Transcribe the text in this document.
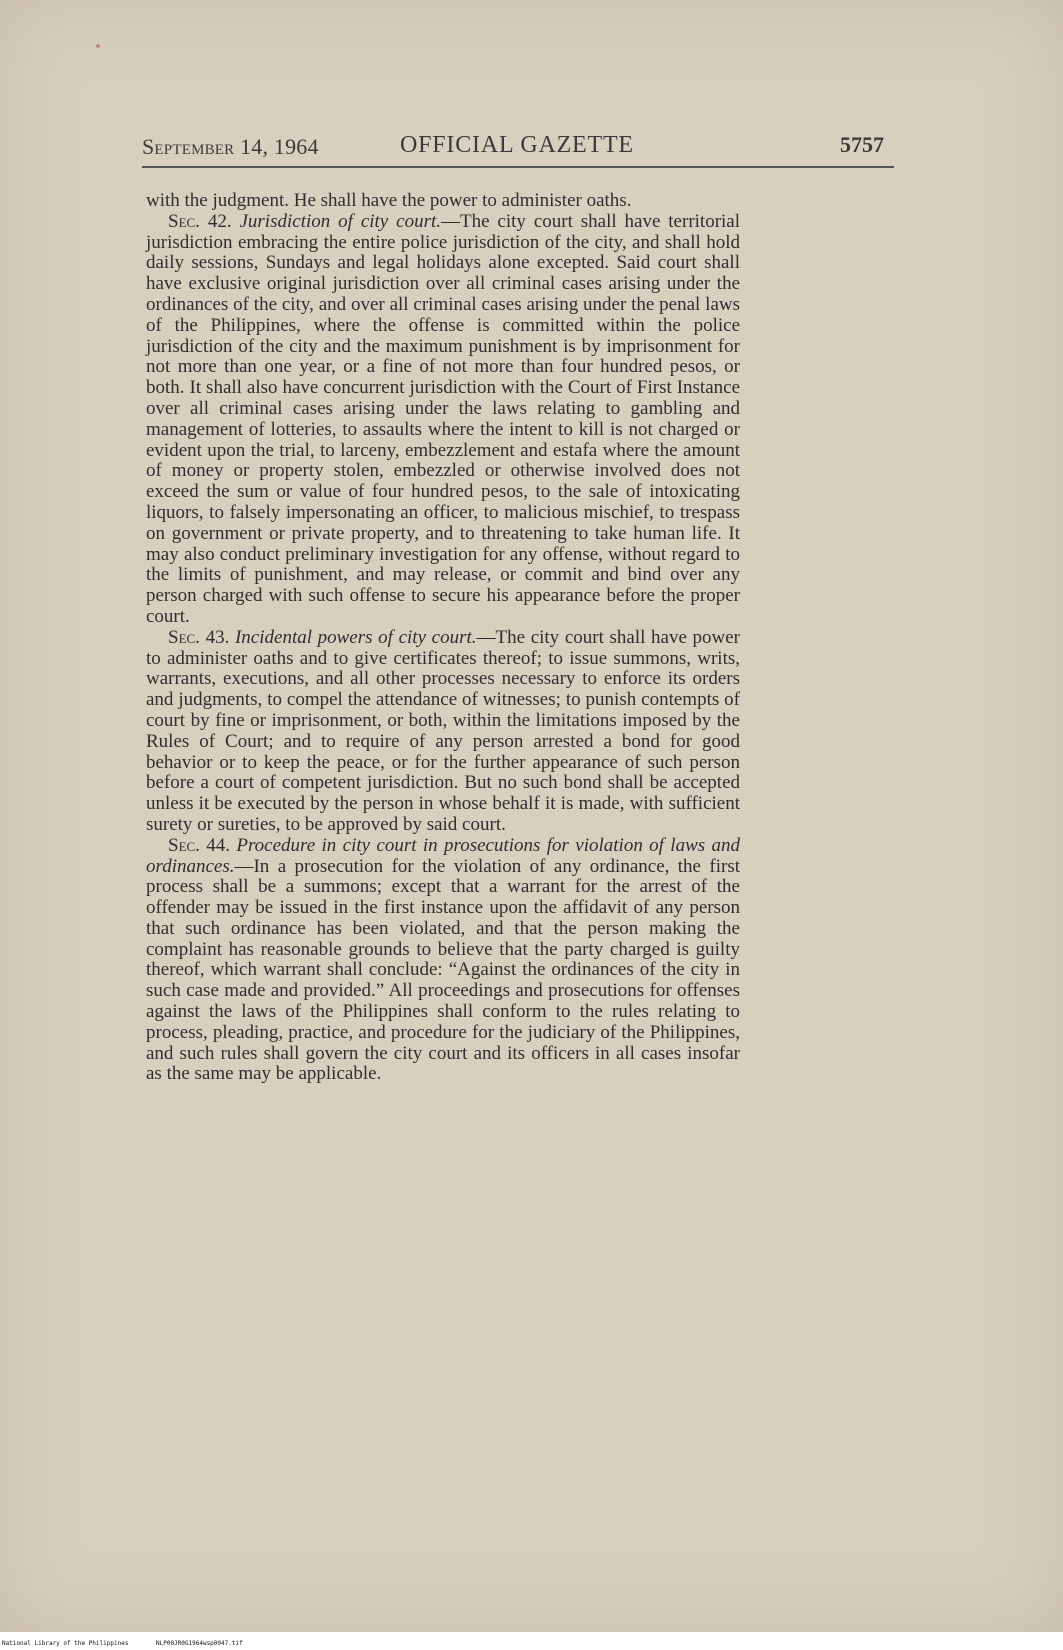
September 14, 1964	OFFICIAL GAZETTE	5757

with the judgment. He shall have the power to administer oaths.

Sec. 42. Jurisdiction of city court.—The city court shall have territorial jurisdiction embracing the entire police jurisdiction of the city, and shall hold daily sessions, Sundays and legal holidays alone excepted. Said court shall have exclusive original jurisdiction over all criminal cases arising under the ordinances of the city, and over all criminal cases arising under the penal laws of the Philippines, where the offense is committed within the police jurisdiction of the city and the maximum punishment is by imprisonment for not more than one year, or a fine of not more than four hundred pesos, or both. It shall also have concurrent jurisdiction with the Court of First Instance over all criminal cases arising under the laws relating to gambling and management of lotteries, to assaults where the intent to kill is not charged or evident upon the trial, to larceny, embezzlement and estafa where the amount of money or property stolen, embezzled or otherwise involved does not exceed the sum or value of four hundred pesos, to the sale of intoxicating liquors, to falsely impersonating an officer, to malicious mischief, to trespass on government or private property, and to threatening to take human life. It may also conduct preliminary investigation for any offense, without regard to the limits of punishment, and may release, or commit and bind over any person charged with such offense to secure his appearance before the proper court.

Sec. 43. Incidental powers of city court.—The city court shall have power to administer oaths and to give certificates thereof; to issue summons, writs, warrants, executions, and all other processes necessary to enforce its orders and judgments, to compel the attendance of witnesses; to punish contempts of court by fine or imprisonment, or both, within the limitations imposed by the Rules of Court; and to require of any person arrested a bond for good behavior or to keep the peace, or for the further appearance of such person before a court of competent jurisdiction. But no such bond shall be accepted unless it be executed by the person in whose behalf it is made, with sufficient surety or sureties, to be approved by said court.

Sec. 44. Procedure in city court in prosecutions for violation of laws and ordinances.—In a prosecution for the violation of any ordinance, the first process shall be a summons; except that a warrant for the arrest of the offender may be issued in the first instance upon the affidavit of any person that such ordinance has been violated, and that the person making the complaint has reasonable grounds to believe that the party charged is guilty thereof, which warrant shall conclude: “Against the ordinances of the city in such case made and provided.” All proceedings and prosecutions for offenses against the laws of the Philippines shall conform to the rules relating to process, pleading, practice, and procedure for the judiciary of the Philippines, and such rules shall govern the city court and its officers in all cases insofar as the same may be applicable.

National Library of the Philippines	NLP00JR0G1964wsp0047.tif
